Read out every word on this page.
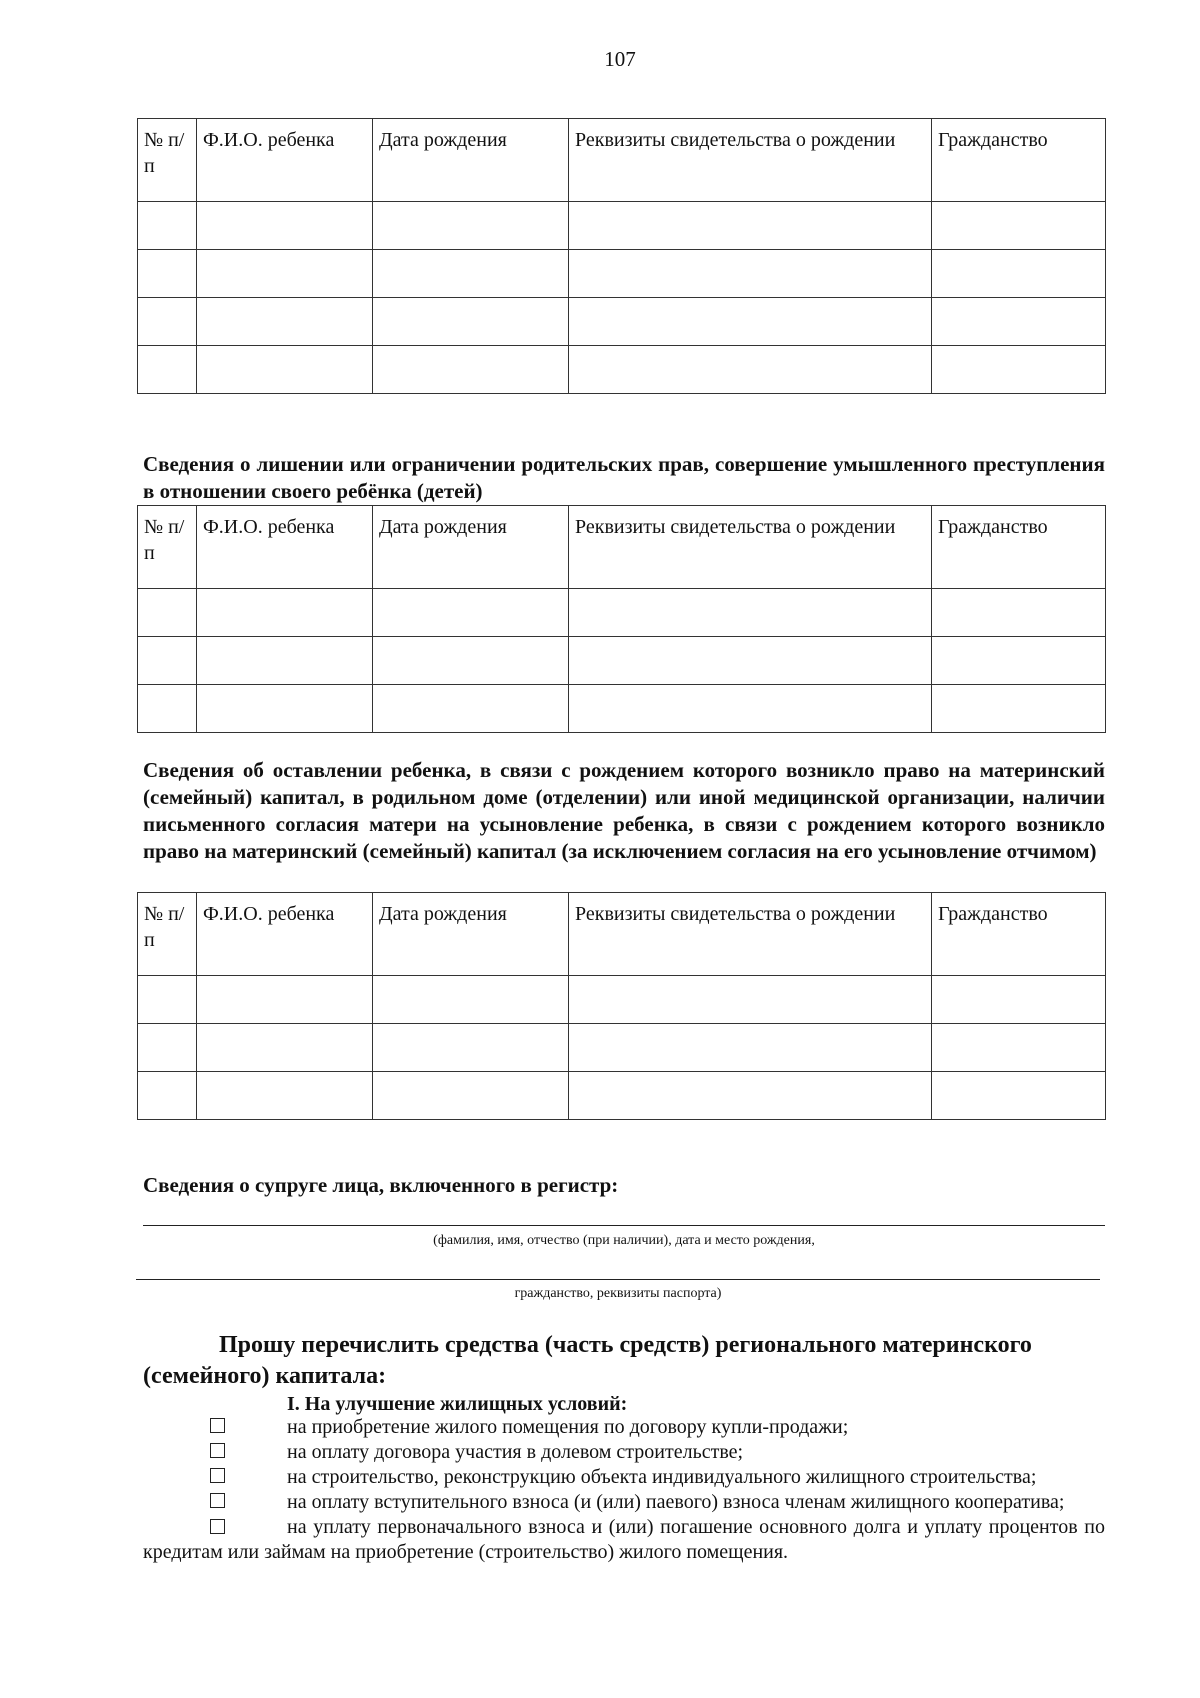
107
№ п/п	Ф.И.О. ребенка	Дата рождения	Реквизиты свидетельства о рождении	Гражданство

Сведения о лишении или ограничении родительских прав, совершение умышленного преступления в отношении своего ребёнка (детей)
№ п/п	Ф.И.О. ребенка	Дата рождения	Реквизиты свидетельства о рождении	Гражданство

Сведения об оставлении ребенка, в связи с рождением которого возникло право на материнский (семейный) капитал, в родильном доме (отделении) или иной медицинской организации, наличии письменного согласия матери на усыновление ребенка, в связи с рождением которого возникло право на материнский (семейный) капитал (за исключением согласия на его усыновление отчимом)
№ п/п	Ф.И.О. ребенка	Дата рождения	Реквизиты свидетельства о рождении	Гражданство

Сведения о супруге лица, включенного в регистр:
(фамилия, имя, отчество (при наличии), дата и место рождения,
гражданство, реквизиты паспорта)
Прошу перечислить средства (часть средств) регионального материнского (семейного) капитала:
I. На улучшение жилищных условий:
на приобретение жилого помещения по договору купли-продажи;
на оплату договора участия в долевом строительстве;
на строительство, реконструкцию объекта индивидуального жилищного строительства;
на оплату вступительного взноса (и (или) паевого) взноса членам жилищного кооператива;
на уплату первоначального взноса и (или) погашение основного долга и уплату процентов по кредитам или займам на приобретение (строительство) жилого помещения.
